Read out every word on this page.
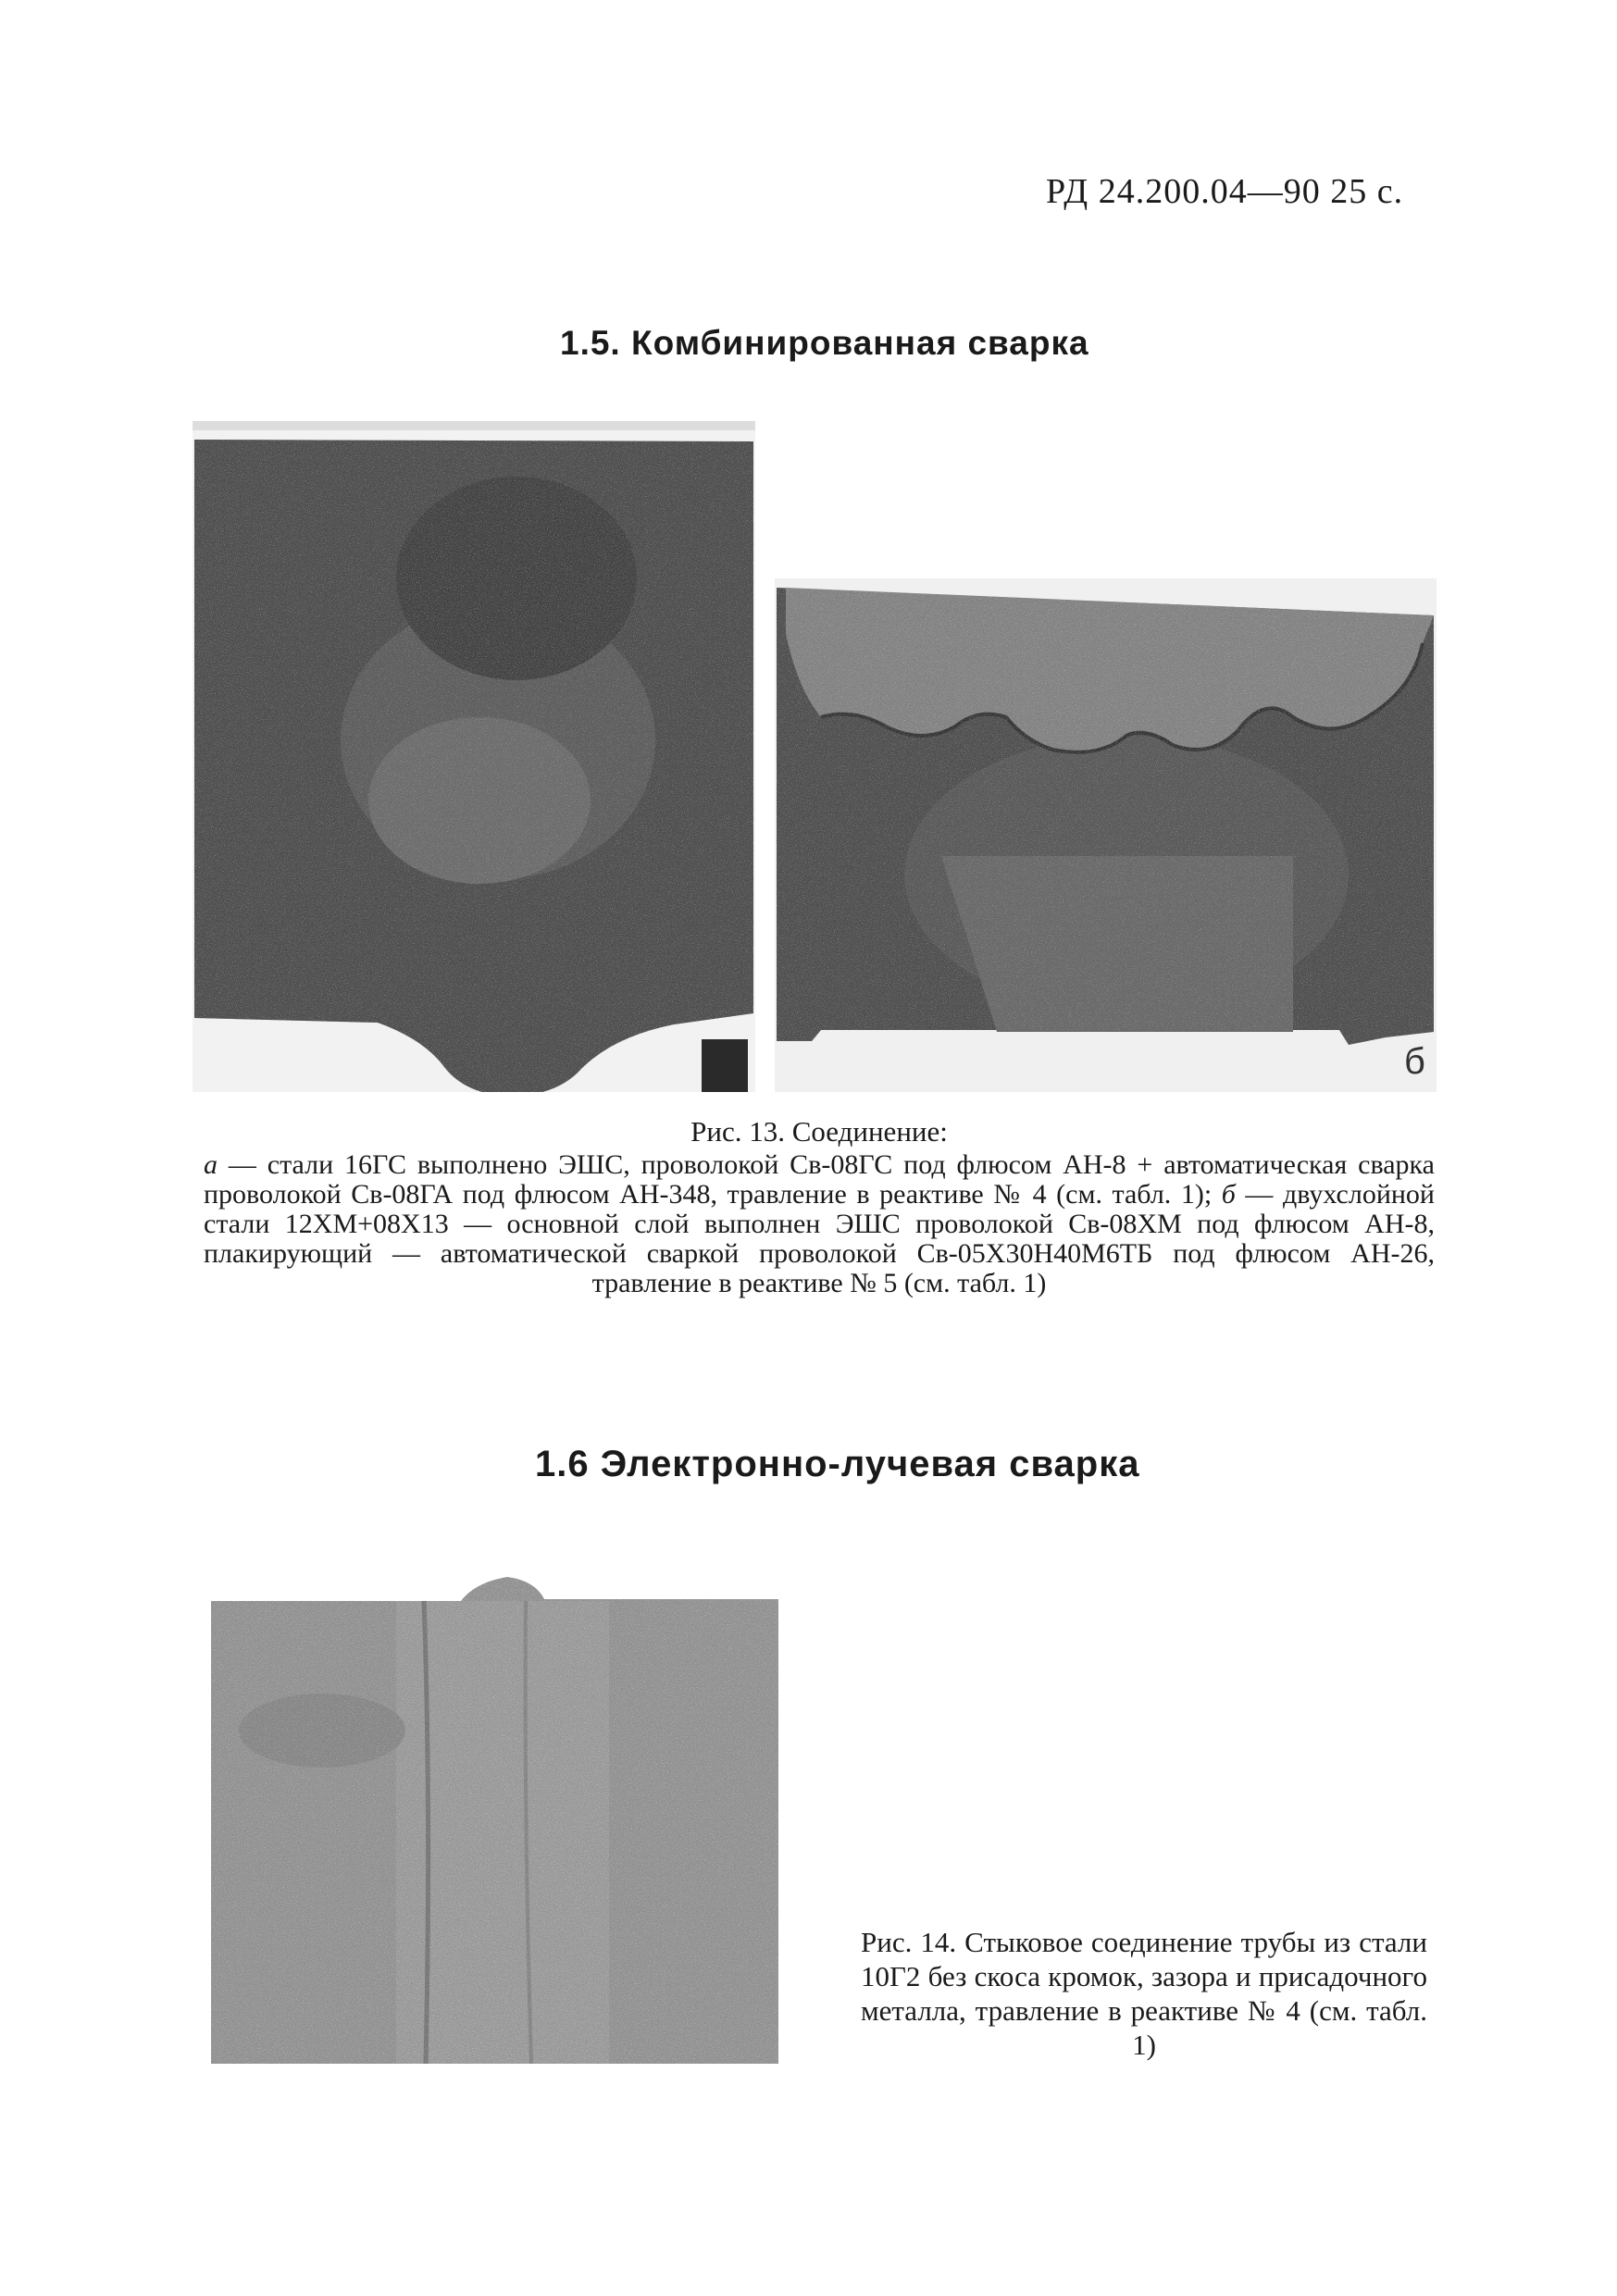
РД 24.200.04—90 25 с.
1.5. Комбинированная сварка
б
Рис. 13. Соединение:
а — стали 16ГС выполнено ЭШС, проволокой Св-08ГС под флюсом АН-8 + автоматическая сварка проволокой Св-08ГА под флюсом АН-348, травление в реактиве № 4 (см. табл. 1); б — двухслойной стали 12ХМ+08Х13 — основной слой выполнен ЭШС проволокой Св-08ХМ под флюсом АН-8, плакирующий — автоматической сваркой проволокой Св-05Х30Н40М6ТБ под флюсом АН-26, травление в реактиве № 5 (см. табл. 1)
1.6 Электронно-лучевая сварка
Рис. 14. Стыковое соединение трубы из стали 10Г2 без скоса кромок, зазора и присадочного металла, травление в реактиве № 4 (см. табл. 1)
